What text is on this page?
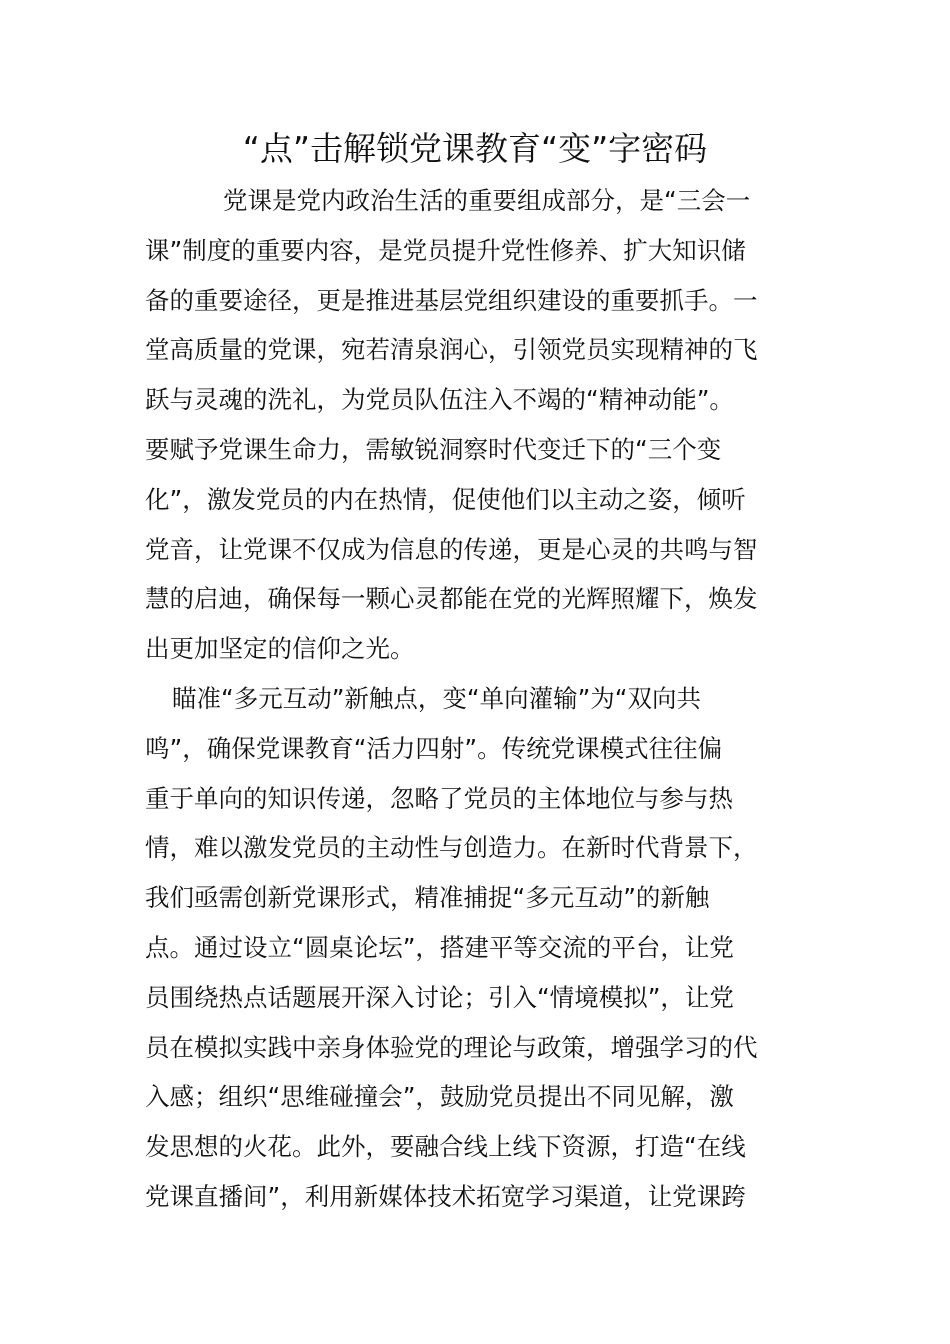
“点”击解锁党课教育“变”字密码
党课是党内政治生活的重要组成部分，是“三会一
课”制度的重要内容，是党员提升党性修养、扩大知识储
备的重要途径，更是推进基层党组织建设的重要抓手。一
堂高质量的党课，宛若清泉润心，引领党员实现精神的飞
跃与灵魂的洗礼，为党员队伍注入不竭的“精神动能”。
要赋予党课生命力，需敏锐洞察时代变迁下的“三个变
化”，激发党员的内在热情，促使他们以主动之姿，倾听
党音，让党课不仅成为信息的传递，更是心灵的共鸣与智
慧的启迪，确保每一颗心灵都能在党的光辉照耀下，焕发
出更加坚定的信仰之光。
瞄准“多元互动”新触点，变“单向灌输”为“双向共
鸣”，确保党课教育“活力四射”。传统党课模式往往偏
重于单向的知识传递，忽略了党员的主体地位与参与热
情，难以激发党员的主动性与创造力。在新时代背景下，
我们亟需创新党课形式，精准捕捉“多元互动”的新触
点。通过设立“圆桌论坛”，搭建平等交流的平台，让党
员围绕热点话题展开深入讨论；引入“情境模拟”，让党
员在模拟实践中亲身体验党的理论与政策，增强学习的代
入感；组织“思维碰撞会”，鼓励党员提出不同见解，激
发思想的火花。此外，要融合线上线下资源，打造“在线
党课直播间”，利用新媒体技术拓宽学习渠道，让党课跨
